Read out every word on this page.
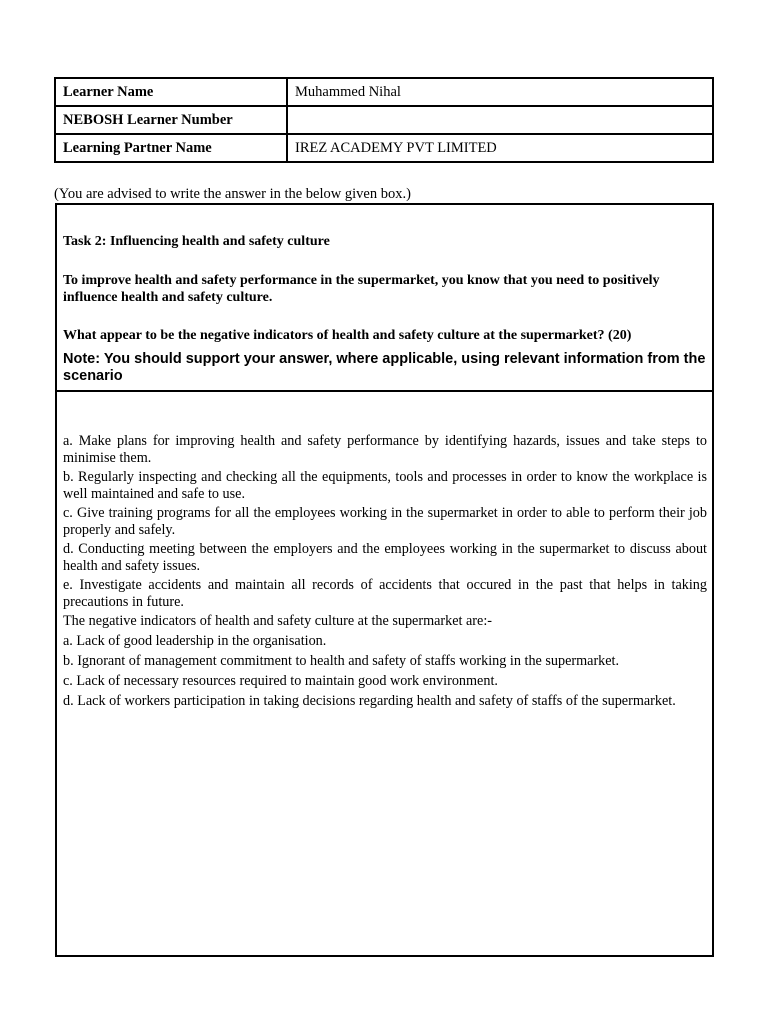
Learner Name	Muhammed Nihal
NEBOSH Learner Number	
Learning Partner Name	IREZ ACADEMY PVT LIMITED
(You are advised to write the answer in the below given box.)

Task 2: Influencing health and safety culture

To improve health and safety performance in the supermarket, you know that you need to positively influence health and safety culture.

What appear to be the negative indicators of health and safety culture at the supermarket? (20)

Note: You should support your answer, where applicable, using relevant information from the scenario

a. Make plans for improving health and safety performance by identifying hazards, issues and take steps to minimise them.

b. Regularly inspecting and checking all the equipments, tools and processes in order to know the workplace is well maintained and safe to use.

c. Give training programs for all the employees working in the supermarket in order to able to perform their job properly and safely.

d. Conducting meeting between the employers and the employees working in the supermarket to discuss about health and safety issues.

e. Investigate accidents and maintain all records of accidents that occured in the past that helps in taking precautions in future.

The negative indicators of health and safety culture at the supermarket are:-

a. Lack of good leadership in the organisation.

b. Ignorant of management commitment to health and safety of staffs working in the supermarket.

c. Lack of necessary resources required to maintain good work environment.

d. Lack of workers participation in taking decisions regarding health and safety of staffs of the supermarket.
